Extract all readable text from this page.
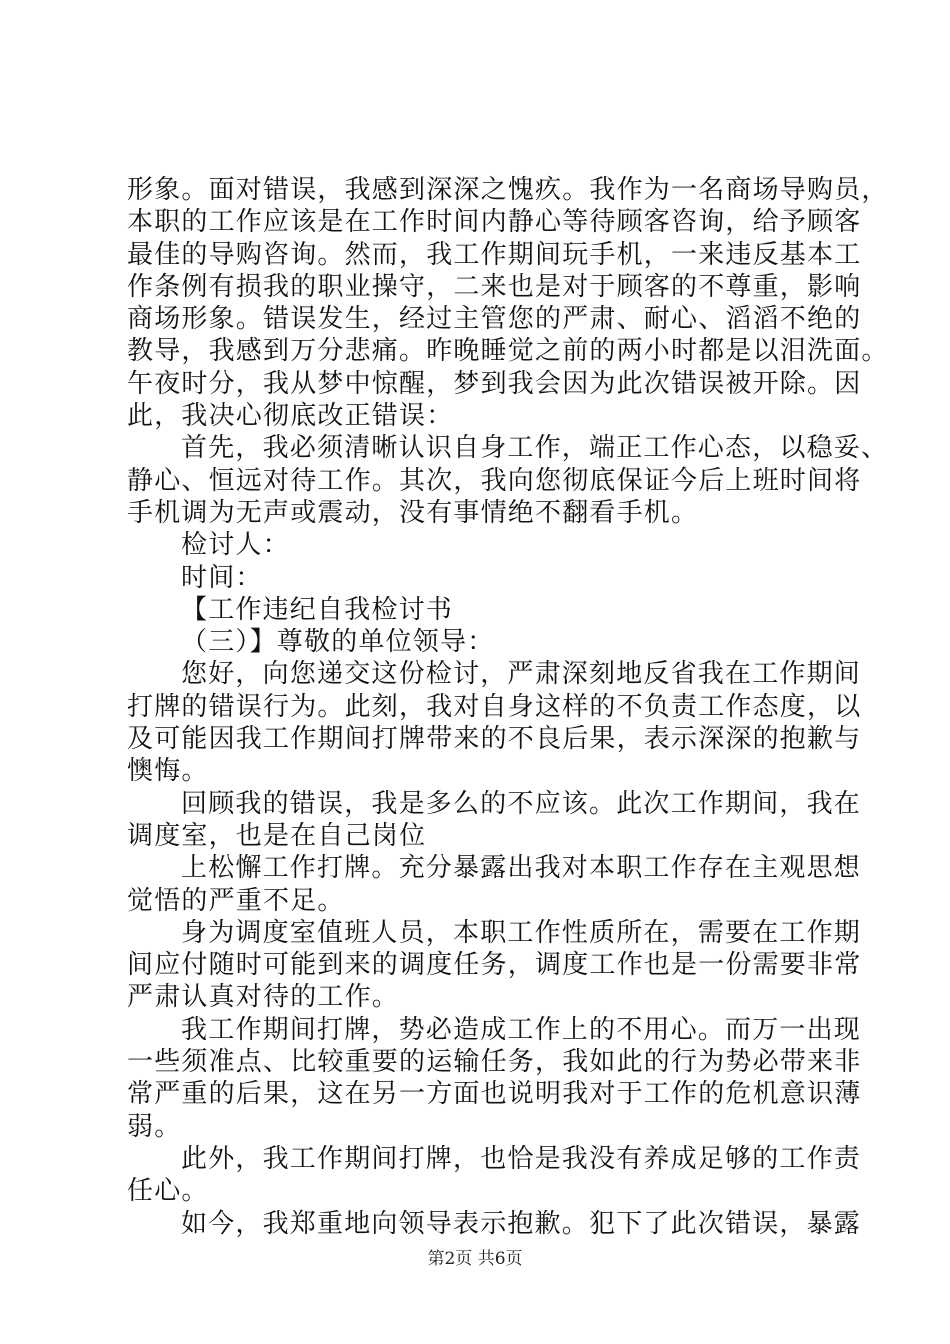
形象。面对错误，我感到深深之愧疚。我作为一名商场导购员，
本职的工作应该是在工作时间内静心等待顾客咨询，给予顾客
最佳的导购咨询。然而，我工作期间玩手机，一来违反基本工
作条例有损我的职业操守，二来也是对于顾客的不尊重，影响
商场形象。错误发生，经过主管您的严肃、耐心、滔滔不绝的
教导，我感到万分悲痛。昨晚睡觉之前的两小时都是以泪洗面。
午夜时分，我从梦中惊醒，梦到我会因为此次错误被开除。因
此，我决心彻底改正错误：
首先，我必须清晰认识自身工作，端正工作心态，以稳妥、
静心、恒远对待工作。其次，我向您彻底保证今后上班时间将
手机调为无声或震动，没有事情绝不翻看手机。
检讨人：
时间：
【工作违纪自我检讨书
（三）】尊敬的单位领导：
您好，向您递交这份检讨，严肃深刻地反省我在工作期间
打牌的错误行为。此刻，我对自身这样的不负责工作态度，以
及可能因我工作期间打牌带来的不良后果，表示深深的抱歉与
懊悔。
回顾我的错误，我是多么的不应该。此次工作期间，我在
调度室，也是在自己岗位
上松懈工作打牌。充分暴露出我对本职工作存在主观思想
觉悟的严重不足。
身为调度室值班人员，本职工作性质所在，需要在工作期
间应付随时可能到来的调度任务，调度工作也是一份需要非常
严肃认真对待的工作。
我工作期间打牌，势必造成工作上的不用心。而万一出现
一些须准点、比较重要的运输任务，我如此的行为势必带来非
常严重的后果，这在另一方面也说明我对于工作的危机意识薄
弱。
此外，我工作期间打牌，也恰是我没有养成足够的工作责
任心。
如今，我郑重地向领导表示抱歉。犯下了此次错误，暴露
第2页 共6页
